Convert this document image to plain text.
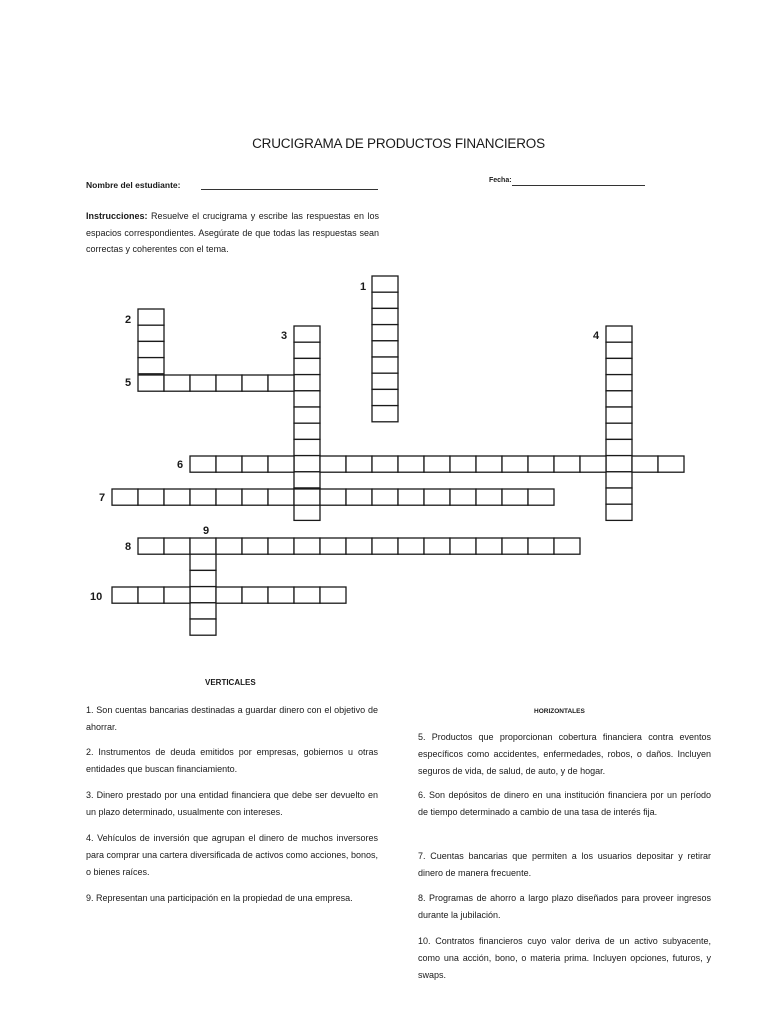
CRUCIGRAMA DE PRODUCTOS FINANCIEROS
Nombre del estudiante:	Fecha:
Instrucciones: Resuelve el crucigrama y escribe las respuestas en los espacios correspondientes. Asegúrate de que todas las respuestas sean correctas y coherentes con el tema.
1
2
3	4
5
6
7
8
9
10
VERTICALES
HORIZONTALES
1. Son cuentas bancarias destinadas a guardar dinero con el objetivo de ahorrar.
2. Instrumentos de deuda emitidos por empresas, gobiernos u otras entidades que buscan financiamiento.
3. Dinero prestado por una entidad financiera que debe ser devuelto en un plazo determinado, usualmente con intereses.
4. Vehículos de inversión que agrupan el dinero de muchos inversores para comprar una cartera diversificada de activos como acciones, bonos, o bienes raíces.
9. Representan una participación en la propiedad de una empresa.
5. Productos que proporcionan cobertura financiera contra eventos específicos como accidentes, enfermedades, robos, o daños. Incluyen seguros de vida, de salud, de auto, y de hogar.
6. Son depósitos de dinero en una institución financiera por un período de tiempo determinado a cambio de una tasa de interés fija.
7. Cuentas bancarias que permiten a los usuarios depositar y retirar dinero de manera frecuente.
8. Programas de ahorro a largo plazo diseñados para proveer ingresos durante la jubilación.
10. Contratos financieros cuyo valor deriva de un activo subyacente, como una acción, bono, o materia prima. Incluyen opciones, futuros, y swaps.
